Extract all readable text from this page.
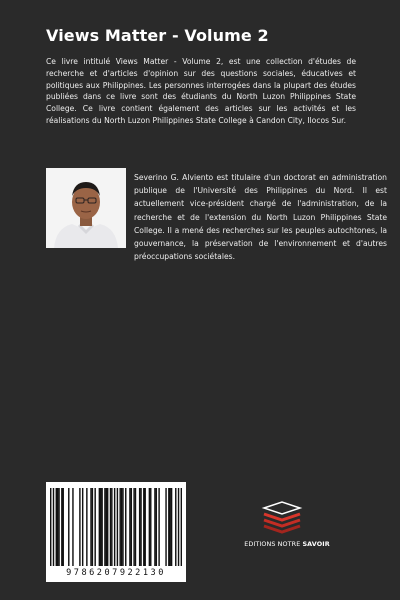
Views Matter - Volume 2
Ce livre intitulé Views Matter - Volume 2, est une collection d'études de recherche et d'articles d'opinion sur des questions sociales, éducatives et politiques aux Philippines. Les personnes interrogées dans la plupart des études publiées dans ce livre sont des étudiants du North Luzon Philippines State College. Ce livre contient également des articles sur les activités et les réalisations du North Luzon Philippines State College à Candon City, Ilocos Sur.
Severino G. Alviento est titulaire d'un doctorat en administration publique de l'Université des Philippines du Nord. Il est actuellement vice-président chargé de l'administration, de la recherche et de l'extension du North Luzon Philippines State College. Il a mené des recherches sur les peuples autochtones, la gouvernance, la préservation de l'environnement et d'autres préoccupations sociétales.
9786207922130
EDITIONS NOTRE SAVOIR
